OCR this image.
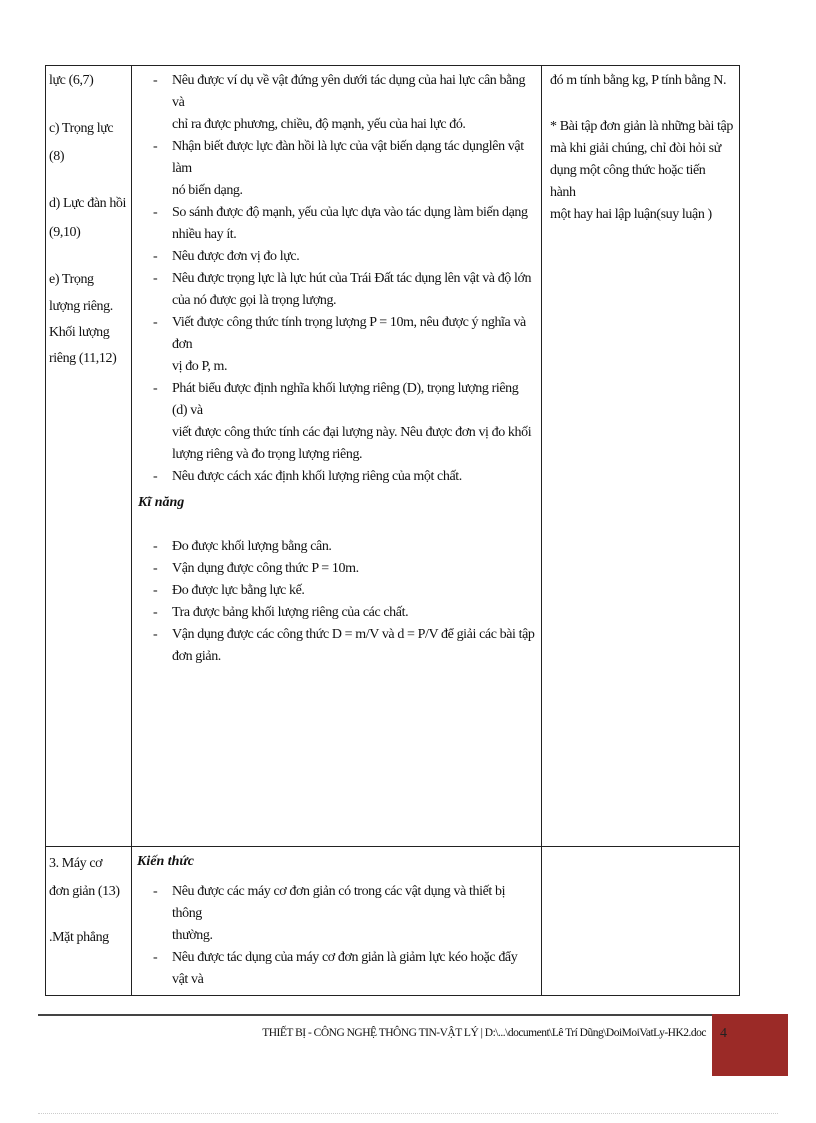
lực (6,7)
c) Trọng lực
(8)
d) Lực đàn hồi
(9,10)
e) Trọng
lượng riêng.
Khối lượng
riêng (11,12)
- Nêu được ví dụ về vật đứng yên dưới tác dụng của hai lực cân bằng và
chỉ ra được phương, chiều, độ mạnh, yếu của hai lực đó.
- Nhận biết được lực đàn hồi là lực của vật biến dạng tác dụnglên vật làm
nó biến dạng.
- So sánh được độ mạnh, yếu của lực dựa vào tác dụng làm biến dạng
nhiều hay ít.
- Nêu được đơn vị đo lực.
- Nêu được trọng lực là lực hút của Trái Đất tác dụng lên vật và độ lớn
của nó được gọi là trọng lượng.
- Viết được công thức tính trọng lượng P = 10m, nêu được ý nghĩa và đơn
vị đo P, m.
- Phát biểu được định nghĩa khối lượng riêng (D), trọng lượng riêng (d) và
viết được công thức tính các đại lượng này. Nêu được đơn vị đo khối
lượng riêng và đo trọng lượng riêng.
- Nêu được cách xác định khối lượng riêng của một chất.
Kĩ năng
- Đo được khối lượng bằng cân.
- Vận dụng được công thức P = 10m.
- Đo được lực bằng lực kế.
- Tra được bảng khối lượng riêng của các chất.
- Vận dụng được các công thức D = m/V và d = P/V để giải các bài tập
đơn giản.
đó m tính bằng kg, P tính bằng N.
* Bài tập đơn giản là những bài tập
mà khi giải chúng, chỉ đòi hỏi sử
dụng một công thức hoặc tiến hành
một hay hai lập luận(suy luận )
3. Máy cơ
đơn giản (13)
.Mặt phẳng
Kiến thức
- Nêu được các máy cơ đơn giản có trong các vật dụng và thiết bị thông
thường.
- Nêu được tác dụng của máy cơ đơn giản là giảm lực kéo hoặc đẩy vật và
THIẾT BỊ - CÔNG NGHỆ THÔNG TIN-VẬT LÝ | D:\...\document\Lê Trí Dũng\DoiMoiVatLy-HK2.doc 4
